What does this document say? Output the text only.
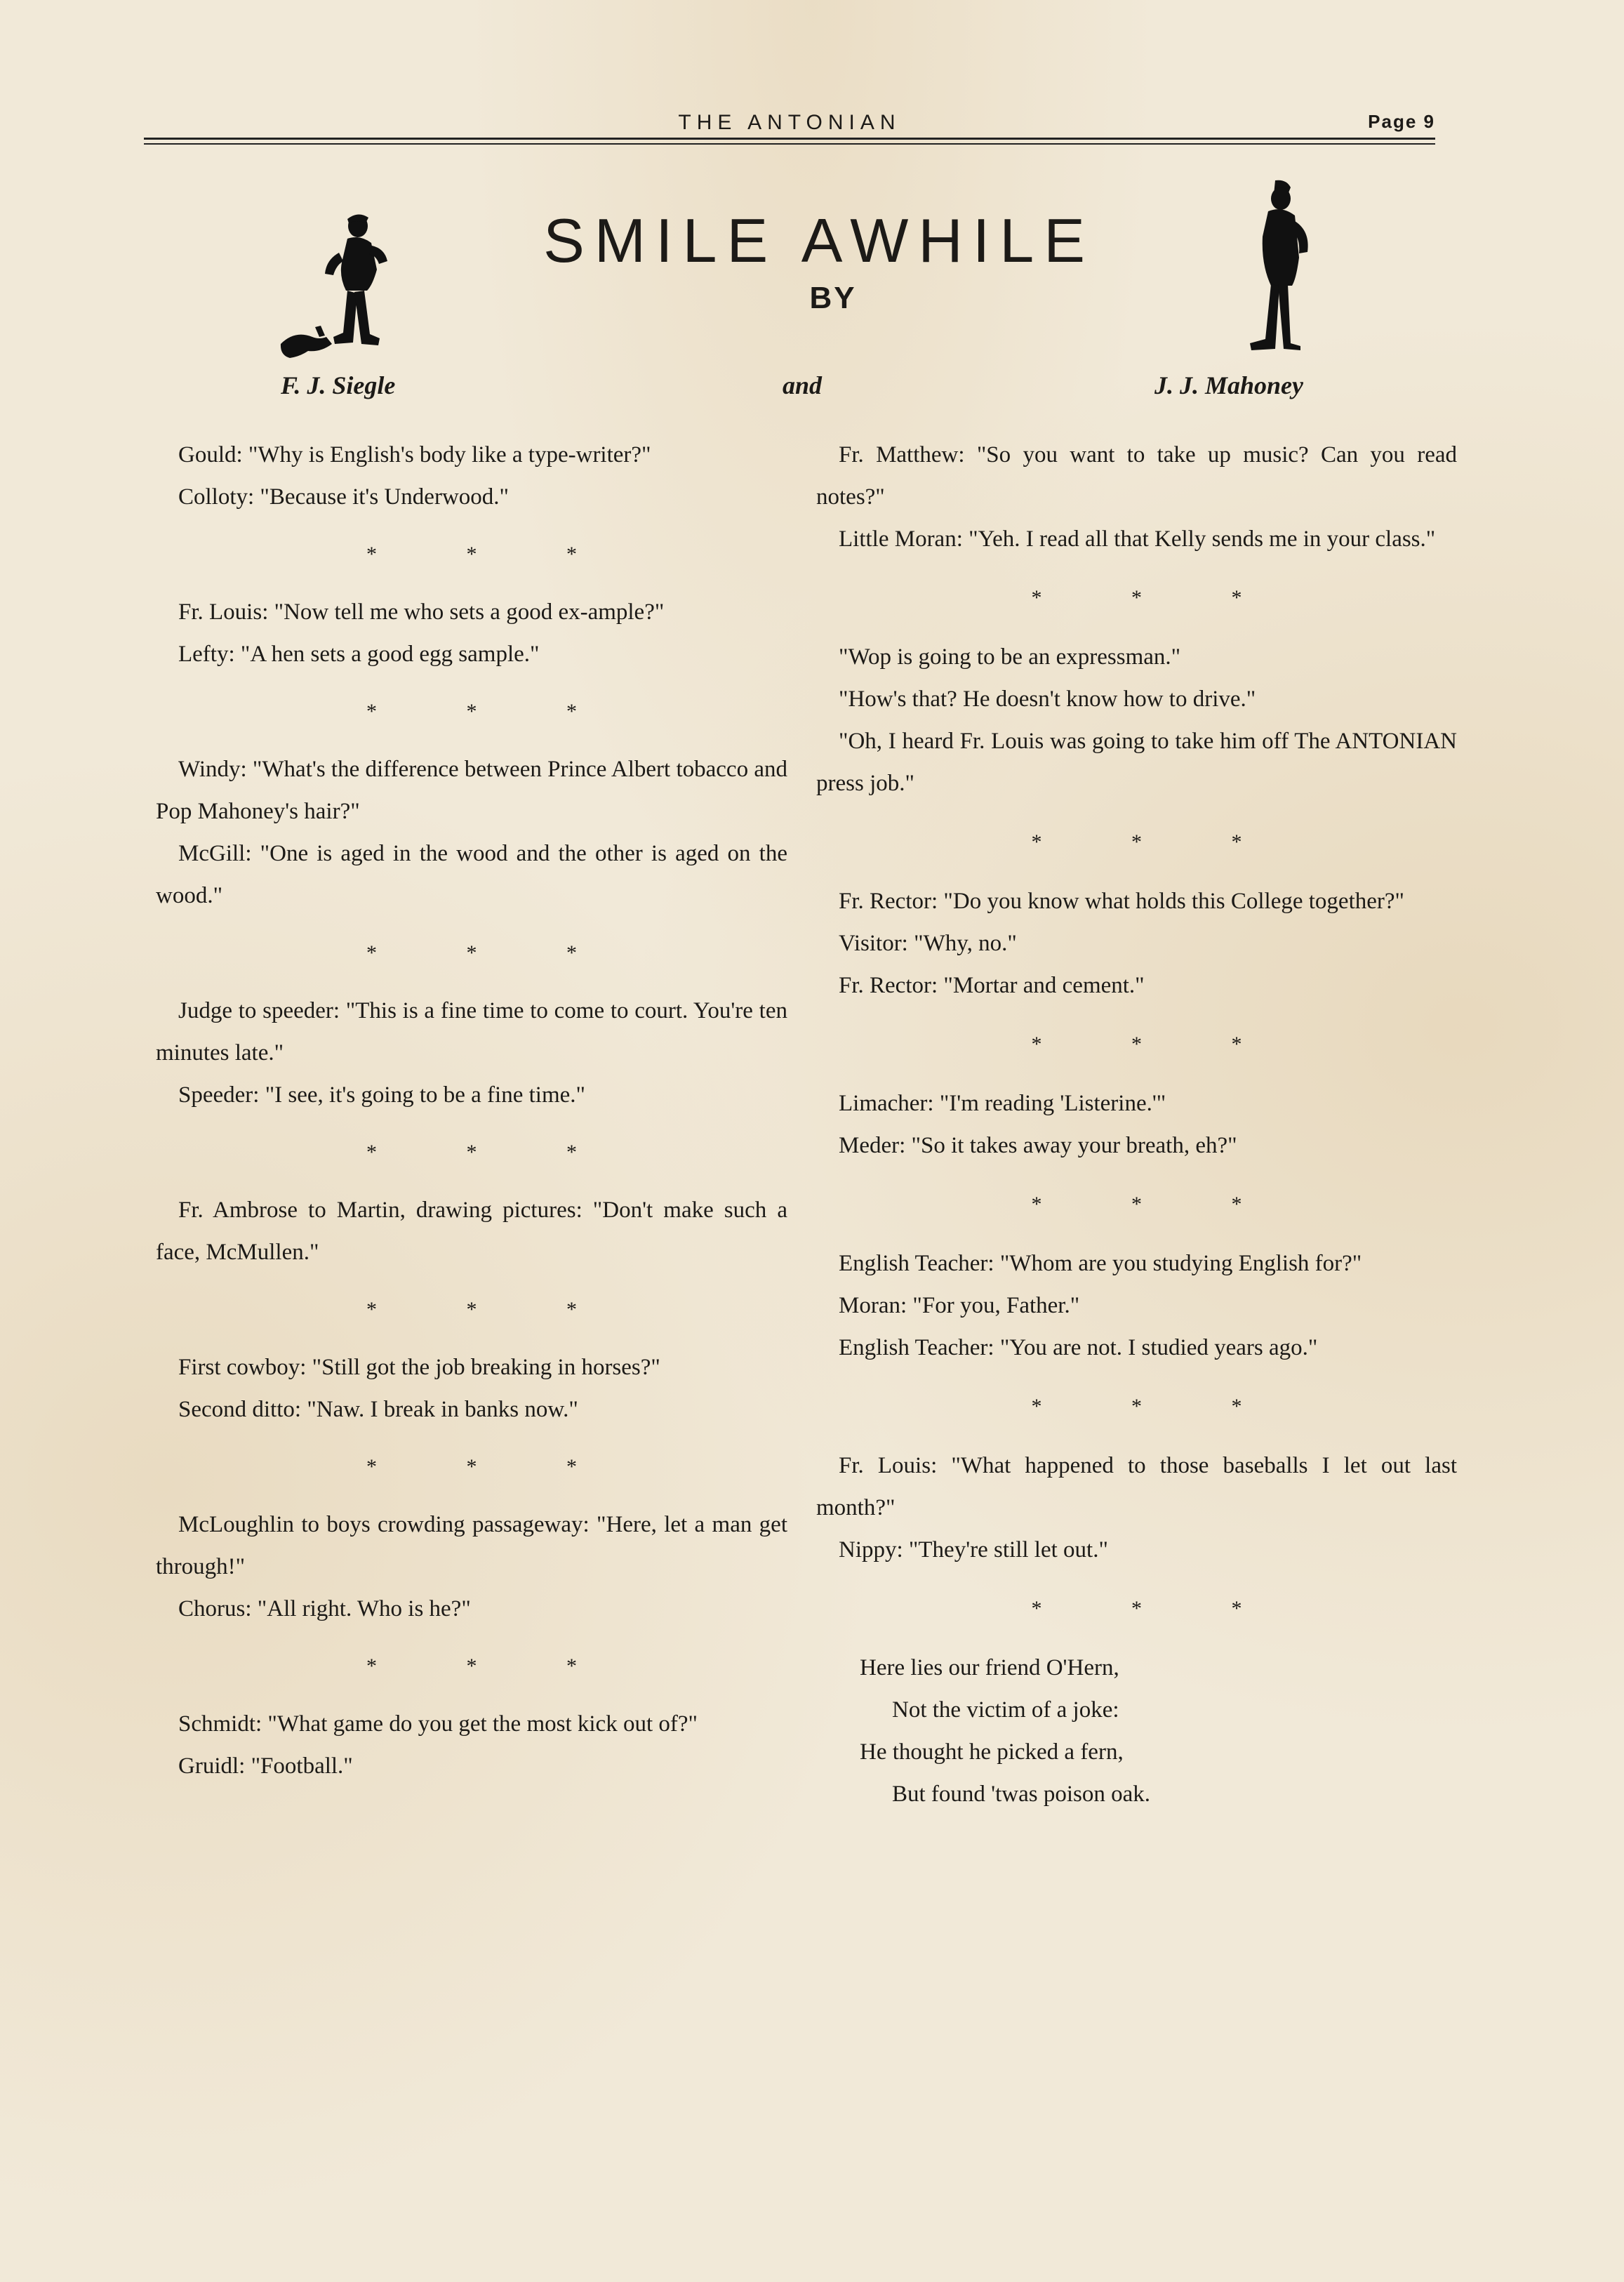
THE ANTONIAN	Page 9
SMILE AWHILE
BY
F. J. Siegle	and	J. J. Mahoney

Gould: "Why is English's body like a type-writer?"

Colloty: "Because it's Underwood."

* * *

Fr. Louis: "Now tell me who sets a good ex-ample?"

Lefty: "A hen sets a good egg sample."

* * *

Windy: "What's the difference between Prince Albert tobacco and Pop Mahoney's hair?"

McGill: "One is aged in the wood and the other is aged on the wood."

* * *

Judge to speeder: "This is a fine time to come to court. You're ten minutes late."

Speeder: "I see, it's going to be a fine time."

* * *

Fr. Ambrose to Martin, drawing pictures: "Don't make such a face, McMullen."

* * *

First cowboy: "Still got the job breaking in horses?"

Second ditto: "Naw. I break in banks now."

* * *

McLoughlin to boys crowding passageway: "Here, let a man get through!"

Chorus: "All right. Who is he?"

* * *

Schmidt: "What game do you get the most kick out of?"

Gruidl: "Football."

Fr. Matthew: "So you want to take up music? Can you read notes?"

Little Moran: "Yeh. I read all that Kelly sends me in your class."

* * *

"Wop is going to be an expressman."

"How's that? He doesn't know how to drive."

"Oh, I heard Fr. Louis was going to take him off The ANTONIAN press job."

* * *

Fr. Rector: "Do you know what holds this College together?"

Visitor: "Why, no."

Fr. Rector: "Mortar and cement."

* * *

Limacher: "I'm reading 'Listerine.'"

Meder: "So it takes away your breath, eh?"

* * *

English Teacher: "Whom are you studying English for?"

Moran: "For you, Father."

English Teacher: "You are not. I studied years ago."

* * *

Fr. Louis: "What happened to those baseballs I let out last month?"

Nippy: "They're still let out."

* * *

Here lies our friend O'Hern,

Not the victim of a joke:

He thought he picked a fern,

But found 'twas poison oak.
